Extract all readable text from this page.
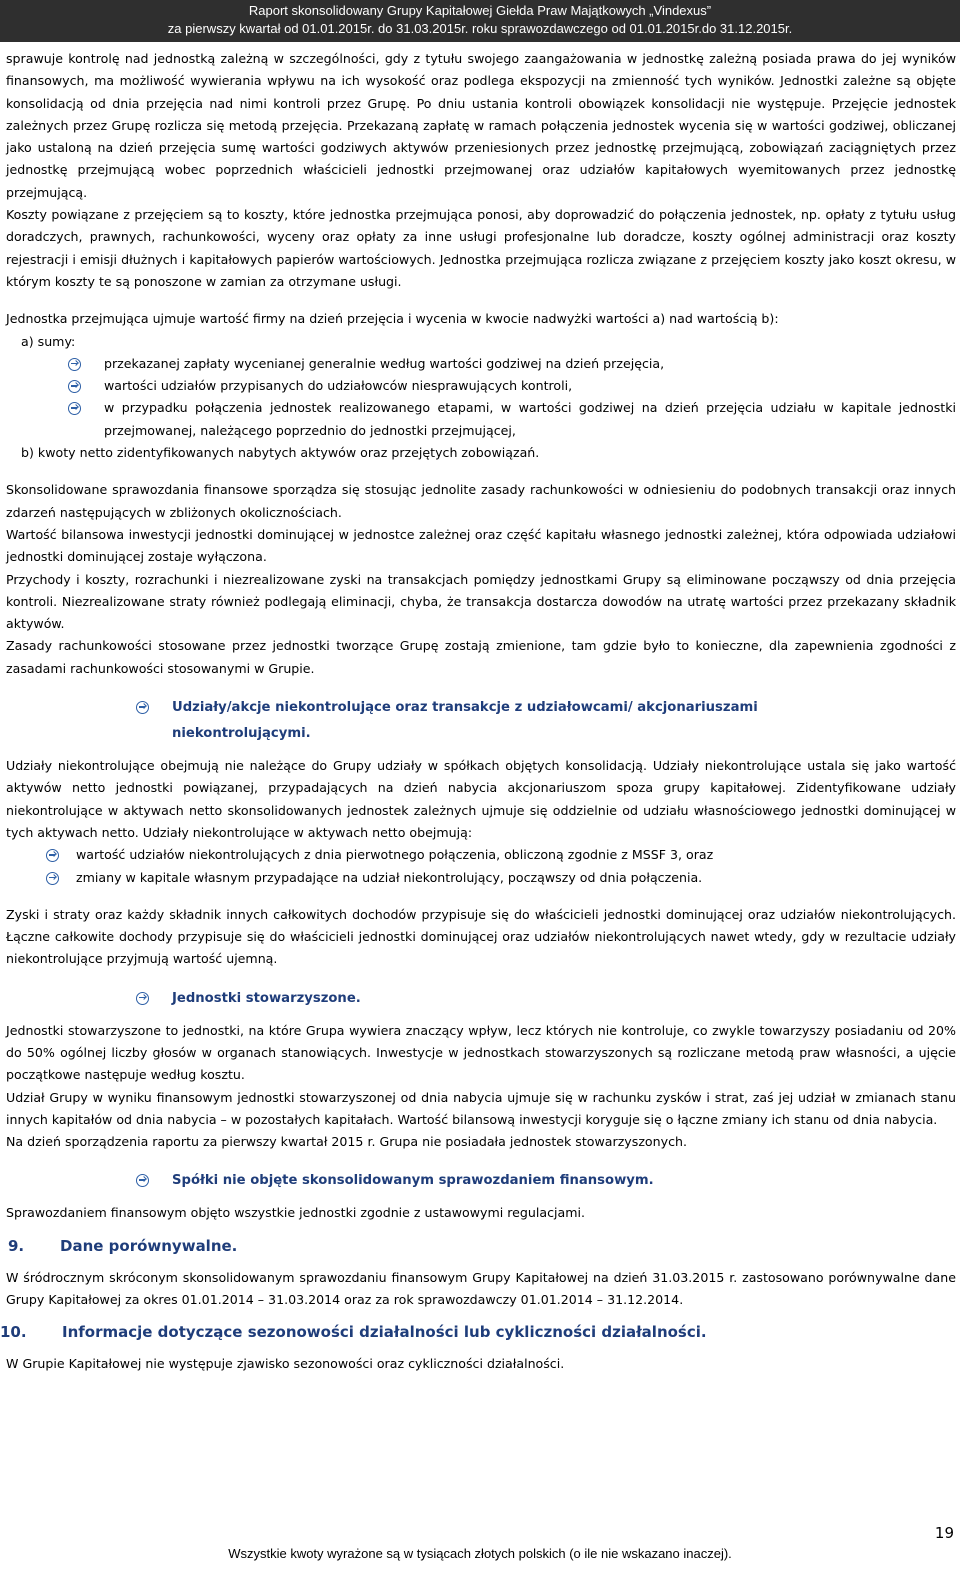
Raport skonsolidowany Grupy Kapitałowej Giełda Praw Majątkowych „Vindexus”
za pierwszy kwartał od 01.01.2015r. do 31.03.2015r. roku sprawozdawczego od 01.01.2015r.do 31.12.2015r.

sprawuje kontrolę nad jednostką zależną w szczególności, gdy z tytułu swojego zaangażowania w jednostkę zależną posiada prawa do jej wyników finansowych, ma możliwość wywierania wpływu na ich wysokość oraz podlega ekspozycji na zmienność tych wyników. Jednostki zależne są objęte konsolidacją od dnia przejęcia nad nimi kontroli przez Grupę. Po dniu ustania kontroli obowiązek konsolidacji nie występuje. Przejęcie jednostek zależnych przez Grupę rozlicza się metodą przejęcia. Przekazaną zapłatę w ramach połączenia jednostek wycenia się w wartości godziwej, obliczanej jako ustaloną na dzień przejęcia sumę wartości godziwych aktywów przeniesionych przez jednostkę przejmującą, zobowiązań zaciągniętych przez jednostkę przejmującą wobec poprzednich właścicieli jednostki przejmowanej oraz udziałów kapitałowych wyemitowanych przez jednostkę przejmującą.

Koszty powiązane z przejęciem są to koszty, które jednostka przejmująca ponosi, aby doprowadzić do połączenia jednostek, np. opłaty z tytułu usług doradczych, prawnych, rachunkowości, wyceny oraz opłaty za inne usługi profesjonalne lub doradcze, koszty ogólnej administracji oraz koszty rejestracji i emisji dłużnych i kapitałowych papierów wartościowych. Jednostka przejmująca rozlicza związane z przejęciem koszty jako koszt okresu, w którym koszty te są ponoszone w zamian za otrzymane usługi.

Jednostka przejmująca ujmuje wartość firmy na dzień przejęcia i wycenia w kwocie nadwyżki wartości a) nad wartością b):

a) sumy:

przekazanej zapłaty wycenianej generalnie według wartości godziwej na dzień przejęcia,

wartości udziałów przypisanych do udziałowców niesprawujących kontroli,

w przypadku połączenia jednostek realizowanego etapami, w wartości godziwej na dzień przejęcia udziału w kapitale jednostki przejmowanej, należącego poprzednio do jednostki przejmującej,

b) kwoty netto zidentyfikowanych nabytych aktywów oraz przejętych zobowiązań.

Skonsolidowane sprawozdania finansowe sporządza się stosując jednolite zasady rachunkowości w odniesieniu do podobnych transakcji oraz innych zdarzeń następujących w zbliżonych okolicznościach.

Wartość bilansowa inwestycji jednostki dominującej w jednostce zależnej oraz część kapitału własnego jednostki zależnej, która odpowiada udziałowi jednostki dominującej zostaje wyłączona.

Przychody i koszty, rozrachunki i niezrealizowane zyski na transakcjach pomiędzy jednostkami Grupy są eliminowane począwszy od dnia przejęcia kontroli. Niezrealizowane straty również podlegają eliminacji, chyba, że transakcja dostarcza dowodów na utratę wartości przez przekazany składnik aktywów.

Zasady rachunkowości stosowane przez jednostki tworzące Grupę zostają zmienione, tam gdzie było to konieczne, dla zapewnienia zgodności z zasadami rachunkowości stosowanymi w Grupie.

Udziały/akcje niekontrolujące oraz transakcje z udziałowcami/ akcjonariuszami
niekontrolującymi.

Udziały niekontrolujące obejmują nie należące do Grupy udziały w spółkach objętych konsolidacją. Udziały niekontrolujące ustala się jako wartość aktywów netto jednostki powiązanej, przypadających na dzień nabycia akcjonariuszom spoza grupy kapitałowej. Zidentyfikowane udziały niekontrolujące w aktywach netto skonsolidowanych jednostek zależnych ujmuje się oddzielnie od udziału własnościowego jednostki dominującej w tych aktywach netto. Udziały niekontrolujące w aktywach netto obejmują:

wartość udziałów niekontrolujących z dnia pierwotnego połączenia, obliczoną zgodnie z MSSF 3, oraz

zmiany w kapitale własnym przypadające na udział niekontrolujący, począwszy od dnia połączenia.

Zyski i straty oraz każdy składnik innych całkowitych dochodów przypisuje się do właścicieli jednostki dominującej oraz udziałów niekontrolujących. Łączne całkowite dochody przypisuje się do właścicieli jednostki dominującej oraz udziałów niekontrolujących nawet wtedy, gdy w rezultacie udziały niekontrolujące przyjmują wartość ujemną.

Jednostki stowarzyszone.

Jednostki stowarzyszone to jednostki, na które Grupa wywiera znaczący wpływ, lecz których nie kontroluje, co zwykle towarzyszy posiadaniu od 20% do 50% ogólnej liczby głosów w organach stanowiących. Inwestycje w jednostkach stowarzyszonych są rozliczane metodą praw własności, a ujęcie początkowe następuje według kosztu.

Udział Grupy w wyniku finansowym jednostki stowarzyszonej od dnia nabycia ujmuje się w rachunku zysków i strat, zaś jej udział w zmianach stanu innych kapitałów od dnia nabycia – w pozostałych kapitałach. Wartość bilansową inwestycji koryguje się o łączne zmiany ich stanu od dnia nabycia.

Na dzień sporządzenia raportu za pierwszy kwartał 2015 r. Grupa nie posiadała jednostek stowarzyszonych.

Spółki nie objęte skonsolidowanym sprawozdaniem finansowym.

Sprawozdaniem finansowym objęto wszystkie jednostki zgodnie z ustawowymi regulacjami.

9. Dane porównywalne.

W śródrocznym skróconym skonsolidowanym sprawozdaniu finansowym Grupy Kapitałowej na dzień 31.03.2015 r. zastosowano porównywalne dane Grupy Kapitałowej za okres 01.01.2014 – 31.03.2014 oraz za rok sprawozdawczy 01.01.2014 – 31.12.2014.

10. Informacje dotyczące sezonowości działalności lub cykliczności działalności.

W Grupie Kapitałowej nie występuje zjawisko sezonowości oraz cykliczności działalności.

19
Wszystkie kwoty wyrażone są w tysiącach złotych polskich (o ile nie wskazano inaczej).
